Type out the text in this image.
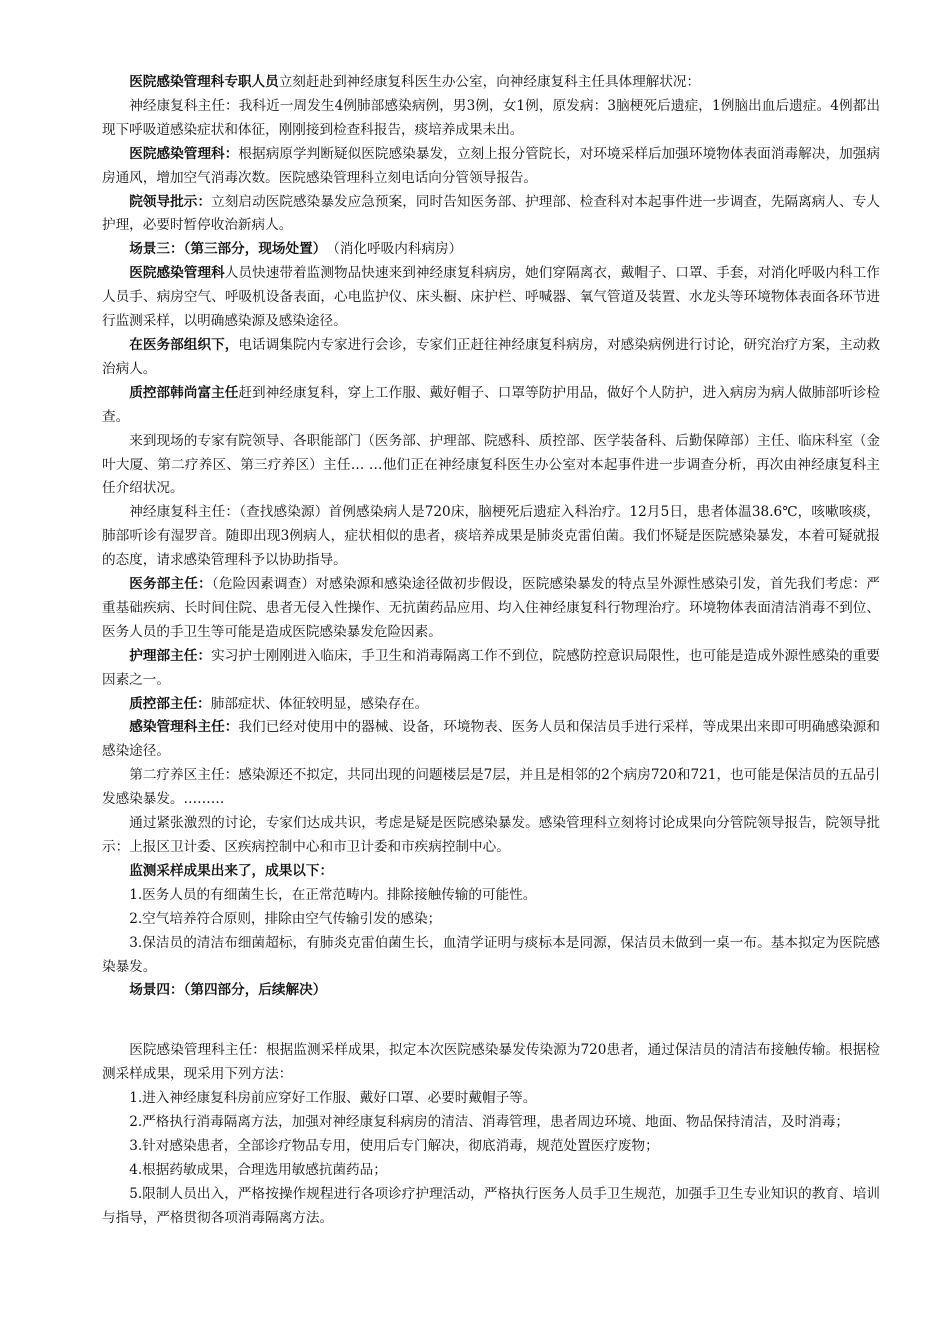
医院感染管理科专职人员立刻赶赴到神经康复科医生办公室，向神经康复科主任具体理解状况：

神经康复科主任：我科近一周发生4例肺部感染病例，男3例，女1例，原发病：3脑梗死后遗症，1例脑出血后遗症。4例都出现下呼吸道感染症状和体征，刚刚接到检查科报告，痰培养成果未出。

医院感染管理科：根据病原学判断疑似医院感染暴发，立刻上报分管院长，对环境采样后加强环境物体表面消毒解决，加强病房通风，增加空气消毒次数。医院感染管理科立刻电话向分管领导报告。

院领导批示：立刻启动医院感染暴发应急预案，同时告知医务部、护理部、检查科对本起事件进一步调查，先隔离病人、专人护理，必要时暂停收治新病人。

场景三：（第三部分，现场处置）　（消化呼吸内科病房）

医院感染管理科人员快速带着监测物品快速来到神经康复科病房，她们穿隔离衣，戴帽子、口罩、手套，对消化呼吸内科工作人员手、病房空气、呼吸机设备表面，心电监护仪、床头橱、床护栏、呼喊器、氧气管道及装置、水龙头等环境物体表面各环节进行监测采样，以明确感染源及感染途径。

在医务部组织下，电话调集院内专家进行会诊，专家们正赶往神经康复科病房，对感染病例进行讨论，研究治疗方案，主动救治病人。

质控部韩尚富主任赶到神经康复科，穿上工作服、戴好帽子、口罩等防护用品，做好个人防护，进入病房为病人做肺部听诊检查。

来到现场的专家有院领导、各职能部门（医务部、护理部、院感科、质控部、医学装备科、后勤保障部）主任、临床科室（金叶大厦、第二疗养区、第三疗养区）主任… …他们正在神经康复科医生办公室对本起事件进一步调查分析，再次由神经康复科主任介绍状况。

神经康复科主任：（查找感染源）首例感染病人是720床，脑梗死后遗症入科治疗。12月5日，患者体温38.6℃，咳嗽咳痰，肺部听诊有湿罗音。随即出现3例病人，症状相似的患者，痰培养成果是肺炎克雷伯菌。我们怀疑是医院感染暴发，本着可疑就报的态度，请求感染管理科予以协助指导。

医务部主任：（危险因素调查）对感染源和感染途径做初步假设，医院感染暴发的特点呈外源性感染引发，首先我们考虑：严重基础疾病、长时间住院、患者无侵入性操作、无抗菌药品应用、均入住神经康复科行物理治疗。环境物体表面清洁消毒不到位、医务人员的手卫生等可能是造成医院感染暴发危险因素。

护理部主任：实习护士刚刚进入临床，手卫生和消毒隔离工作不到位，院感防控意识局限性，也可能是造成外源性感染的重要因素之一。

质控部主任：肺部症状、体征较明显，感染存在。

感染管理科主任：我们已经对使用中的器械、设备，环境物表、医务人员和保洁员手进行采样，等成果出来即可明确感染源和感染途径。

第二疗养区主任：感染源还不拟定，共同出现的问题楼层是7层，并且是相邻的2个病房720和721，也可能是保洁员的五品引发感染暴发。………

通过紧张激烈的讨论，专家们达成共识，考虑是疑是医院感染暴发。感染管理科立刻将讨论成果向分管院领导报告，院领导批示：上报区卫计委、区疾病控制中心和市卫计委和市疾病控制中心。

监测采样成果出来了，成果以下：

1.医务人员的有细菌生长，在正常范畴内。排除接触传输的可能性。

2.空气培养符合原则，排除由空气传输引发的感染；

3.保洁员的清洁布细菌超标，有肺炎克雷伯菌生长，血清学证明与痰标本是同源，保洁员未做到一桌一布。基本拟定为医院感染暴发。

场景四：（第四部分，后续解决）

医院感染管理科主任：根据监测采样成果，拟定本次医院感染暴发传染源为720患者，通过保洁员的清洁布接触传输。根据检测采样成果，现采用下列方法：

1.进入神经康复科房前应穿好工作服、戴好口罩、必要时戴帽子等。

2.严格执行消毒隔离方法，加强对神经康复科病房的清洁、消毒管理，患者周边环境、地面、物品保持清洁，及时消毒；

3.针对感染患者，全部诊疗物品专用，使用后专门解决，彻底消毒，规范处置医疗废物；

4.根据药敏成果，合理选用敏感抗菌药品；

5.限制人员出入，严格按操作规程进行各项诊疗护理活动，严格执行医务人员手卫生规范，加强手卫生专业知识的教育、培训与指导，严格贯彻各项消毒隔离方法。
